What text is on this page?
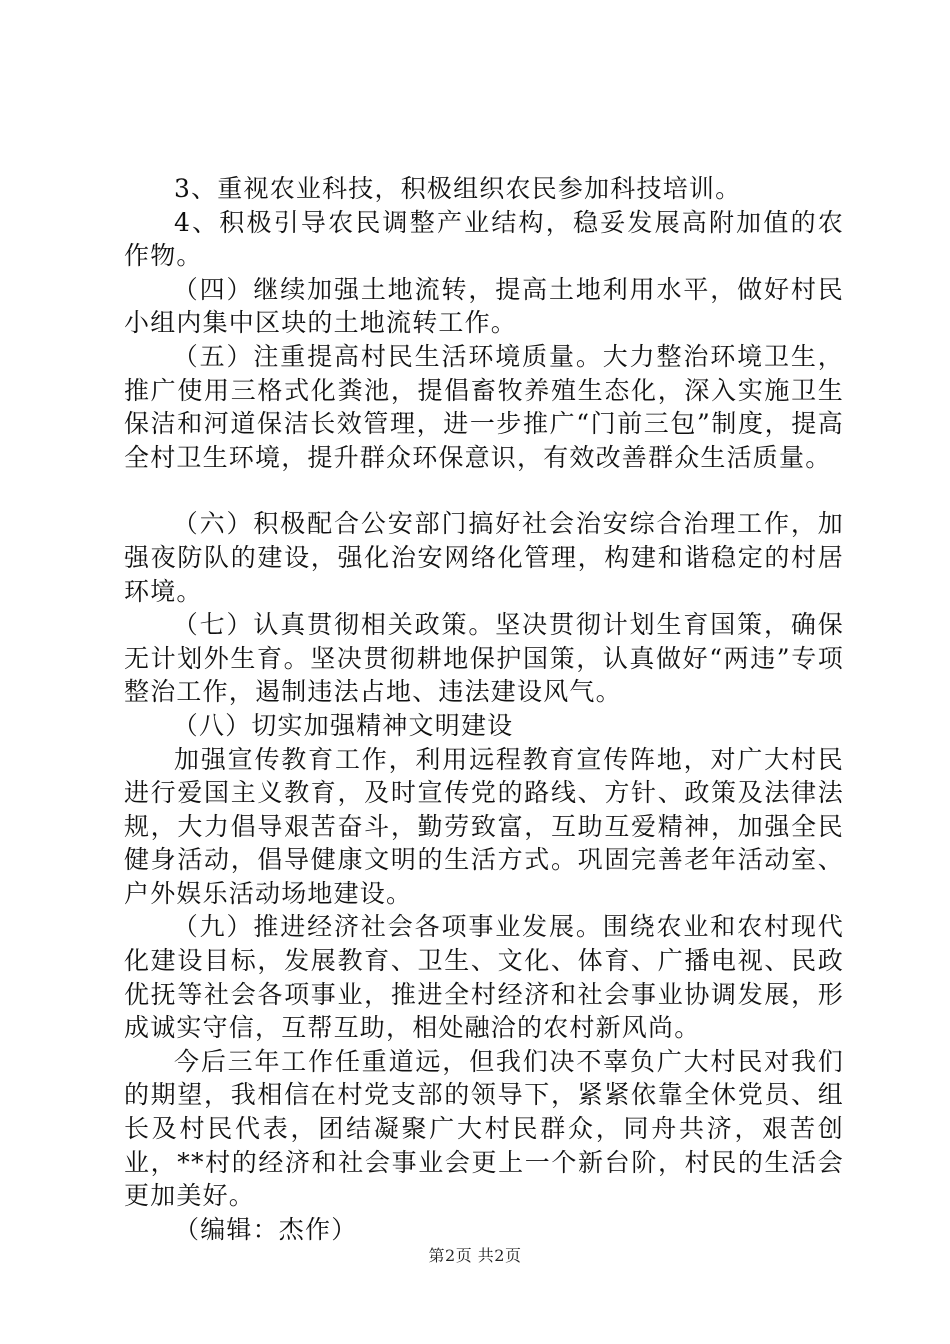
3、重视农业科技，积极组织农民参加科技培训。

4、积极引导农民调整产业结构，稳妥发展高附加值的农作物。

（四）继续加强土地流转，提高土地利用水平，做好村民小组内集中区块的土地流转工作。

（五）注重提高村民生活环境质量。大力整治环境卫生，推广使用三格式化粪池，提倡畜牧养殖生态化，深入实施卫生保洁和河道保洁长效管理，进一步推广“门前三包”制度，提高全村卫生环境，提升群众环保意识，有效改善群众生活质量。

（六）积极配合公安部门搞好社会治安综合治理工作，加强夜防队的建设，强化治安网络化管理，构建和谐稳定的村居环境。

（七）认真贯彻相关政策。坚决贯彻计划生育国策，确保无计划外生育。坚决贯彻耕地保护国策，认真做好“两违”专项整治工作，遏制违法占地、违法建设风气。

（八）切实加强精神文明建设

加强宣传教育工作，利用远程教育宣传阵地，对广大村民进行爱国主义教育，及时宣传党的路线、方针、政策及法律法规，大力倡导艰苦奋斗，勤劳致富，互助互爱精神，加强全民健身活动，倡导健康文明的生活方式。巩固完善老年活动室、户外娱乐活动场地建设。

（九）推进经济社会各项事业发展。围绕农业和农村现代化建设目标，发展教育、卫生、文化、体育、广播电视、民政优抚等社会各项事业，推进全村经济和社会事业协调发展，形成诚实守信，互帮互助，相处融洽的农村新风尚。

今后三年工作任重道远，但我们决不辜负广大村民对我们的期望，我相信在村党支部的领导下，紧紧依靠全休党员、组长及村民代表，团结凝聚广大村民群众，同舟共济，艰苦创业，**村的经济和社会事业会更上一个新台阶，村民的生活会更加美好。

（编辑：杰作）

第2页 共2页
